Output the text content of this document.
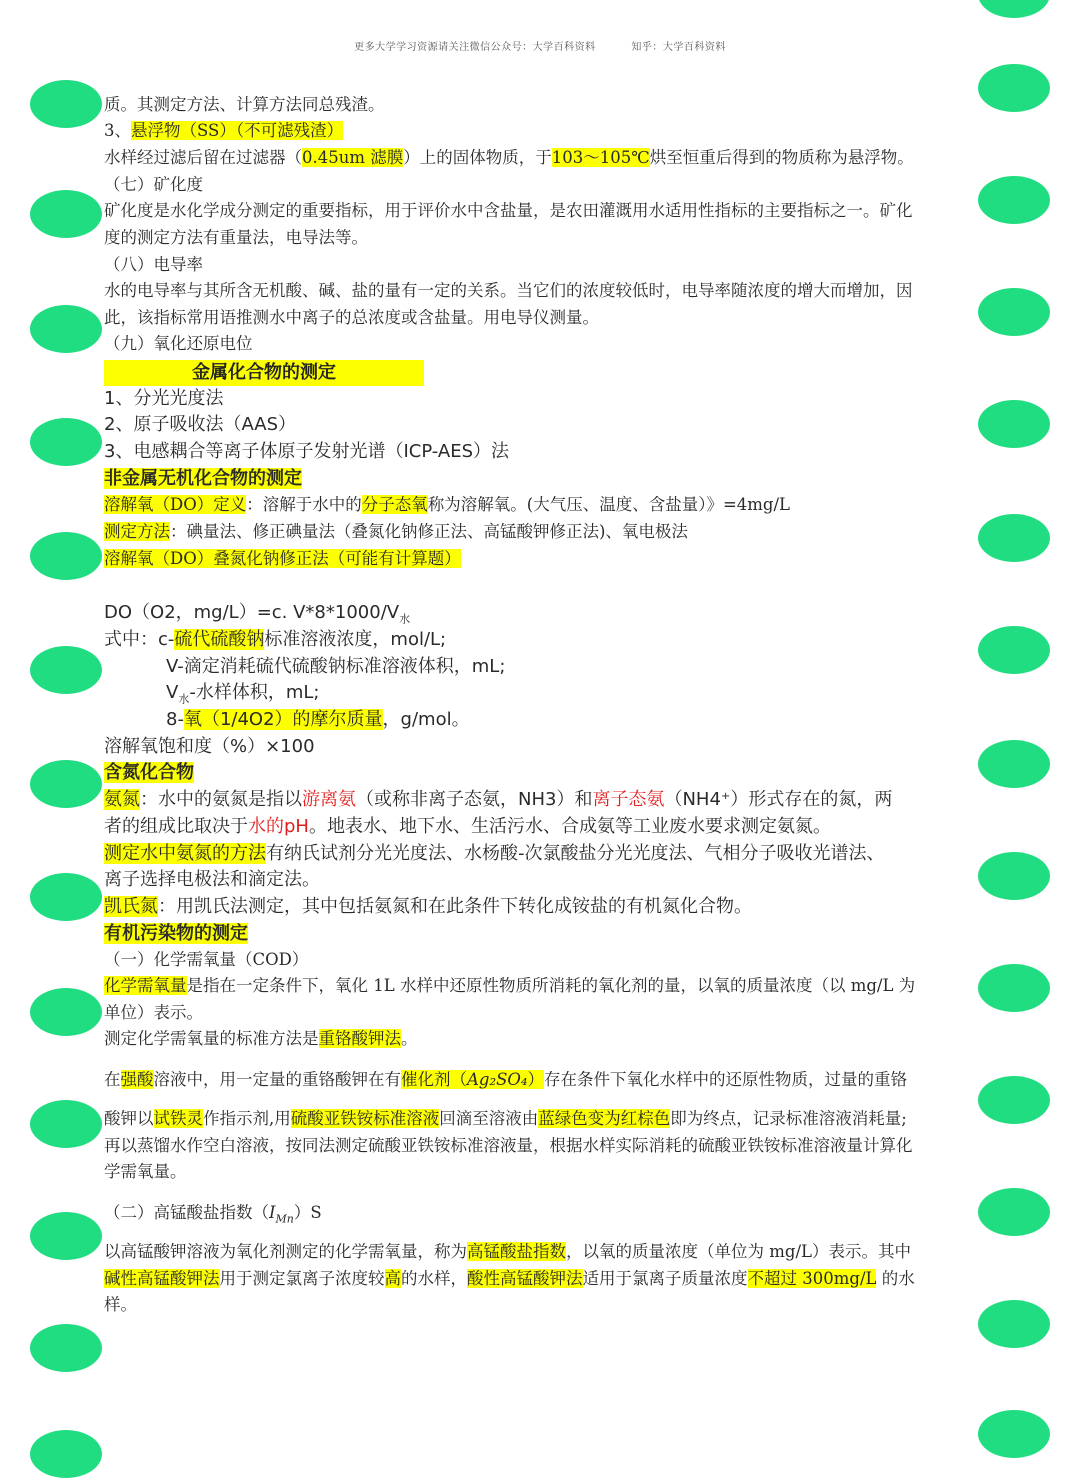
更多大学学习资源请关注微信公众号：大学百科资料	知乎：大学百科资料
质。其测定方法、计算方法同总残渣。
3、悬浮物（SS）（不可滤残渣）
水样经过滤后留在过滤器（0.45um 滤膜）上的固体物质，于103～105℃烘至恒重后得到的物质称为悬浮物。
（七）矿化度
矿化度是水化学成分测定的重要指标，用于评价水中含盐量，是农田灌溉用水适用性指标的主要指标之一。矿化
度的测定方法有重量法，电导法等。
（八）电导率
水的电导率与其所含无机酸、碱、盐的量有一定的关系。当它们的浓度较低时，电导率随浓度的增大而增加，因
此，该指标常用语推测水中离子的总浓度或含盐量。用电导仪测量。
（九）氧化还原电位
金属化合物的测定
1、分光光度法
2、原子吸收法（AAS）
3、电感耦合等离子体原子发射光谱（ICP-AES）法
非金属无机化合物的测定
溶解氧（DO）定义：溶解于水中的分子态氧称为溶解氧。(大气压、温度、含盐量）》=4mg/L
测定方法：碘量法、修正碘量法（叠氮化钠修正法、高锰酸钾修正法)、氧电极法
溶解氧（DO）叠氮化钠修正法（可能有计算题）
DO（O2，mg/L）=c. $V*8*1000/V_水$
式中：c-硫代硫酸钠标准溶液浓度，mol/L;
V-滴定消耗硫代硫酸钠标准溶液体积，mL;
$V_水-$水样体积，mL;
8-氧（1/4O2）的摩尔质量，g/mol。
溶解氧饱和度（%）×100
含氮化合物
氨氮：水中的氨氮是指以游离氨（或称非离子态氨，NH3）和离子态氨（NH4⁺）形式存在的氮，两
者的组成比取决于水的pH。地表水、地下水、生活污水、合成氨等工业废水要求测定氨氮。
测定水中氨氮的方法有纳氏试剂分光光度法、水杨酸-次氯酸盐分光光度法、气相分子吸收光谱法、
离子选择电极法和滴定法。
凯氏氮：用凯氏法测定，其中包括氨氮和在此条件下转化成铵盐的有机氮化合物。
有机污染物的测定
（一）化学需氧量（COD）
化学需氧量是指在一定条件下，氧化 1L 水样中还原性物质所消耗的氧化剂的量，以氧的质量浓度（以 mg/L 为
单位）表示。
测定化学需氧量的标准方法是重铬酸钾法。
在强酸溶液中，用一定量的重铬酸钾在有催化剂（Ag₂SO₄）存在条件下氧化水样中的还原性物质，过量的重铬
酸钾以试铁灵作指示剂,用硫酸亚铁铵标准溶液回滴至溶液由蓝绿色变为红棕色即为终点，记录标准溶液消耗量;
再以蒸馏水作空白溶液，按同法测定硫酸亚铁铵标准溶液量，根据水样实际消耗的硫酸亚铁铵标准溶液量计算化
学需氧量。
（二）高锰酸盐指数$(I_{Mn})S$
以高锰酸钾溶液为氧化剂测定的化学需氧量，称为高锰酸盐指数，以氧的质量浓度（单位为 mg/L）表示。其中
碱性高锰酸钾法用于测定氯离子浓度较高的水样，酸性高锰酸钾法适用于氯离子质量浓度不超过 300mg/L 的水
样。
